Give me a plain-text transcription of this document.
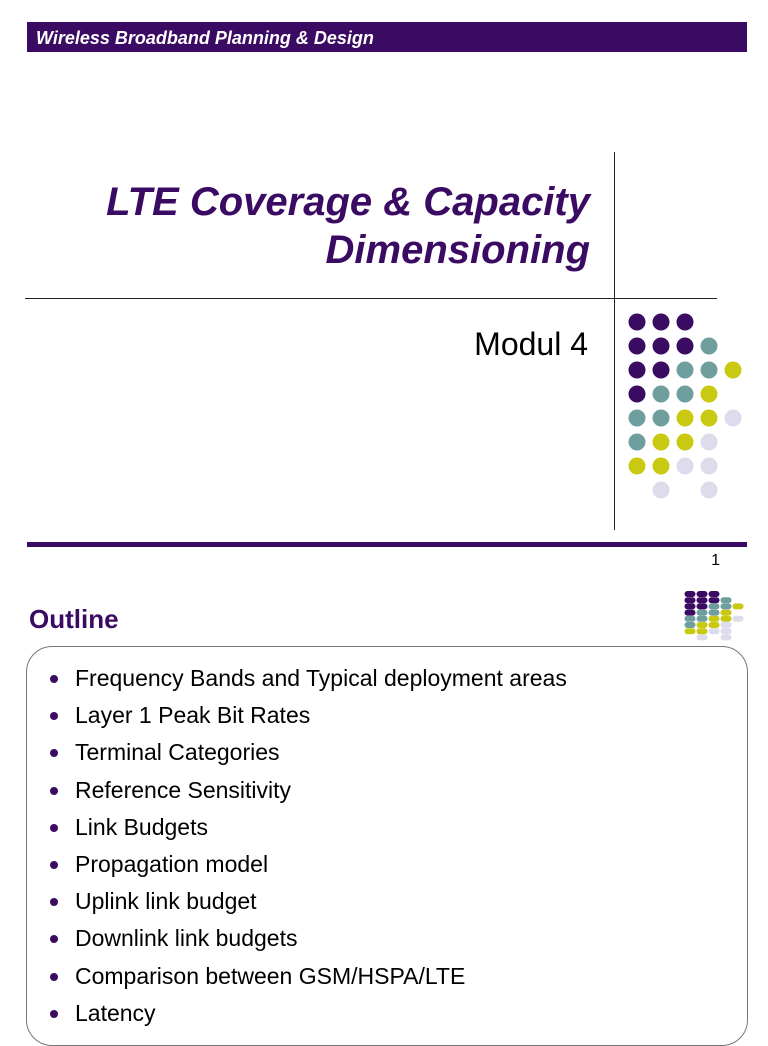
Wireless Broadband Planning & Design
LTE Coverage & Capacity
Dimensioning
Modul 4
1
Outline
Frequency Bands and Typical deployment areas
Layer 1 Peak Bit Rates
Terminal Categories
Reference Sensitivity
Link Budgets
Propagation model
Uplink link budget
Downlink link budgets
Comparison between GSM/HSPA/LTE
Latency
